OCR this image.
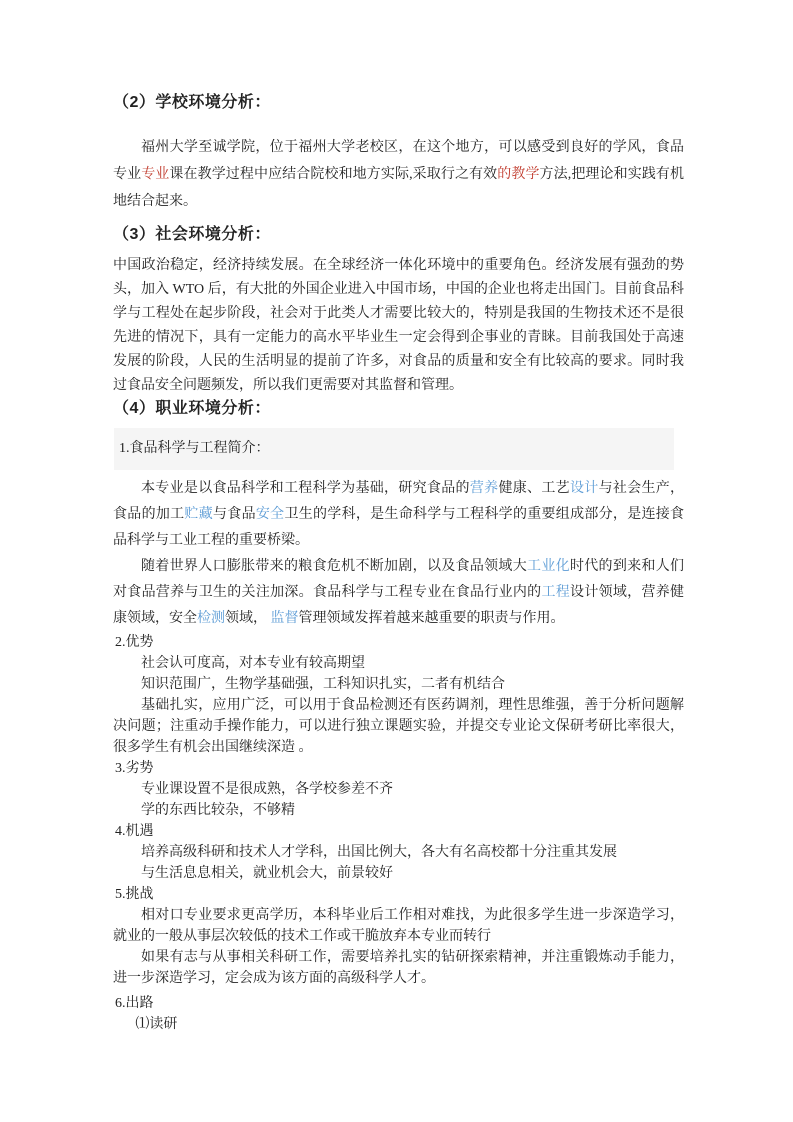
（2）学校环境分析：

福州大学至诚学院，位于福州大学老校区，在这个地方，可以感受到良好的学风，食品专业专业课在教学过程中应结合院校和地方实际,采取行之有效的教学方法,把理论和实践有机地结合起来。

（3）社会环境分析：

中国政治稳定，经济持续发展。在全球经济一体化环境中的重要角色。经济发展有强劲的势头，加入 WTO 后，有大批的外国企业进入中国市场，中国的企业也将走出国门。目前食品科学与工程处在起步阶段，社会对于此类人才需要比较大的，特别是我国的生物技术还不是很先进的情况下，具有一定能力的高水平毕业生一定会得到企事业的青睐。目前我国处于高速发展的阶段，人民的生活明显的提前了许多，对食品的质量和安全有比较高的要求。同时我过食品安全问题频发，所以我们更需要对其监督和管理。

（4）职业环境分析：
1.食品科学与工程简介：

本专业是以食品科学和工程科学为基础，研究食品的营养健康、工艺设计与社会生产，食品的加工贮藏与食品安全卫生的学科，是生命科学与工程科学的重要组成部分，是连接食品科学与工业工程的重要桥梁。

随着世界人口膨胀带来的粮食危机不断加剧，以及食品领域大工业化时代的到来和人们对食品营养与卫生的关注加深。食品科学与工程专业在食品行业内的工程设计领域，营养健康领域，安全检测领域， 监督管理领域发挥着越来越重要的职责与作用。

2.优势

社会认可度高，对本专业有较高期望

知识范围广，生物学基础强，工科知识扎实，二者有机结合

基础扎实，应用广泛，可以用于食品检测还有医药调剂，理性思维强，善于分析问题解决问题；注重动手操作能力，可以进行独立课题实验，并提交专业论文保研考研比率很大，很多学生有机会出国继续深造 。

3.劣势

专业课设置不是很成熟，各学校参差不齐

学的东西比较杂，不够精

4.机遇

培养高级科研和技术人才学科，出国比例大，各大有名高校都十分注重其发展

与生活息息相关，就业机会大，前景较好

5.挑战

相对口专业要求更高学历，本科毕业后工作相对难找，为此很多学生进一步深造学习，就业的一般从事层次较低的技术工作或干脆放弃本专业而转行

如果有志与从事相关科研工作，需要培养扎实的钻研探索精神，并注重锻炼动手能力，进一步深造学习，定会成为该方面的高级科学人才。

6.出路

⑴读研
